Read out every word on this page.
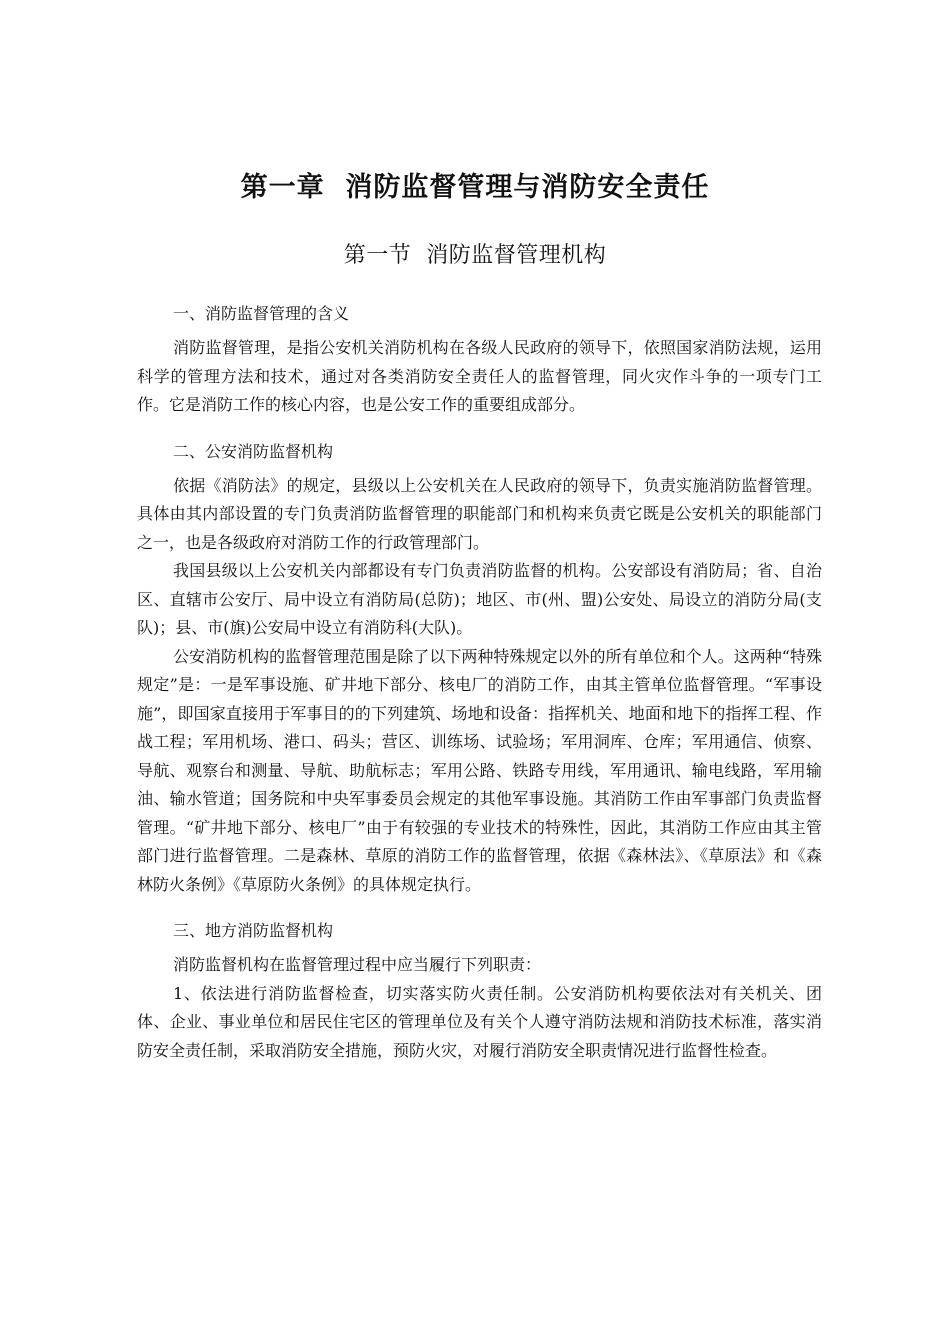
第一章  消防监督管理与消防安全责任
第一节  消防监督管理机构

一、消防监督管理的含义

消防监督管理，是指公安机关消防机构在各级人民政府的领导下，依照国家消防法规，运用科学的管理方法和技术，通过对各类消防安全责任人的监督管理，同火灾作斗争的一项专门工作。它是消防工作的核心内容，也是公安工作的重要组成部分。

二、公安消防监督机构

依据《消防法》的规定，县级以上公安机关在人民政府的领导下，负责实施消防监督管理。具体由其内部设置的专门负责消防监督管理的职能部门和机构来负责它既是公安机关的职能部门之一，也是各级政府对消防工作的行政管理部门。

我国县级以上公安机关内部都设有专门负责消防监督的机构。公安部设有消防局；省、自治区、直辖市公安厅、局中设立有消防局(总防)；地区、市(州、盟)公安处、局设立的消防分局(支队)；县、市(旗)公安局中设立有消防科(大队)。

公安消防机构的监督管理范围是除了以下两种特殊规定以外的所有单位和个人。这两种“特殊规定”是：一是军事设施、矿井地下部分、核电厂的消防工作，由其主管单位监督管理。“军事设施”，即国家直接用于军事目的的下列建筑、场地和设备：指挥机关、地面和地下的指挥工程、作战工程；军用机场、港口、码头；营区、训练场、试验场；军用洞库、仓库；军用通信、侦察、导航、观察台和测量、导航、助航标志；军用公路、铁路专用线，军用通讯、输电线路，军用输油、输水管道；国务院和中央军事委员会规定的其他军事设施。其消防工作由军事部门负责监督管理。“矿井地下部分、核电厂”由于有较强的专业技术的特殊性，因此，其消防工作应由其主管部门进行监督管理。二是森林、草原的消防工作的监督管理，依据《森林法》、《草原法》和《森林防火条例》《草原防火条例》的具体规定执行。

三、地方消防监督机构

消防监督机构在监督管理过程中应当履行下列职责：

1、依法进行消防监督检查，切实落实防火责任制。公安消防机构要依法对有关机关、团体、企业、事业单位和居民住宅区的管理单位及有关个人遵守消防法规和消防技术标准，落实消防安全责任制，采取消防安全措施，预防火灾，对履行消防安全职责情况进行监督性检查。
